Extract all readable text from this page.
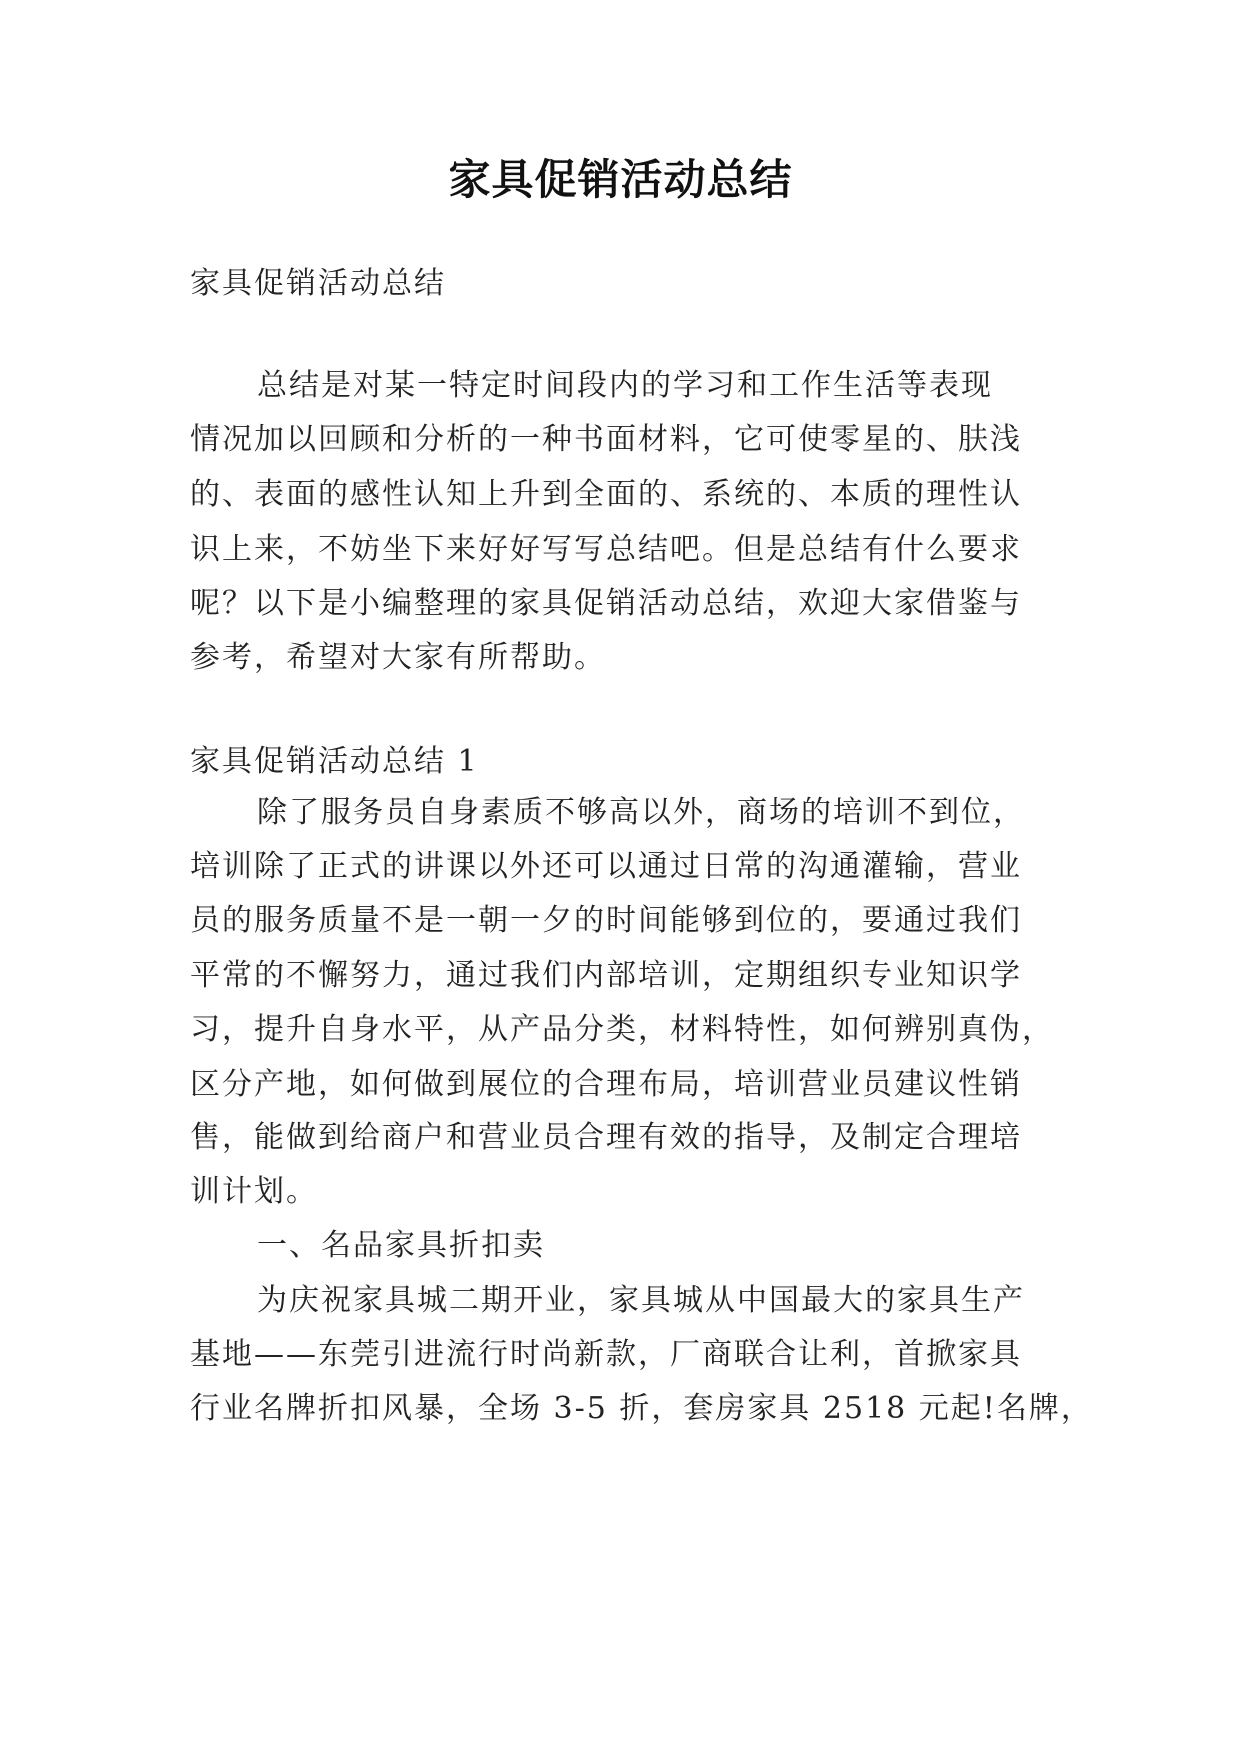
家具促销活动总结
家具促销活动总结
总结是对某一特定时间段内的学习和工作生活等表现
情况加以回顾和分析的一种书面材料，它可使零星的、肤浅
的、表面的感性认知上升到全面的、系统的、本质的理性认
识上来，不妨坐下来好好写写总结吧。但是总结有什么要求
呢？以下是小编整理的家具促销活动总结，欢迎大家借鉴与
参考，希望对大家有所帮助。
家具促销活动总结 1
除了服务员自身素质不够高以外，商场的培训不到位，
培训除了正式的讲课以外还可以通过日常的沟通灌输，营业
员的服务质量不是一朝一夕的时间能够到位的，要通过我们
平常的不懈努力，通过我们内部培训，定期组织专业知识学
习，提升自身水平，从产品分类，材料特性，如何辨别真伪，
区分产地，如何做到展位的合理布局，培训营业员建议性销
售，能做到给商户和营业员合理有效的指导，及制定合理培
训计划。
一、名品家具折扣卖
为庆祝家具城二期开业，家具城从中国最大的家具生产
基地——东莞引进流行时尚新款，厂商联合让利，首掀家具
行业名牌折扣风暴，全场 3-5 折，套房家具 2518 元起!名牌，
